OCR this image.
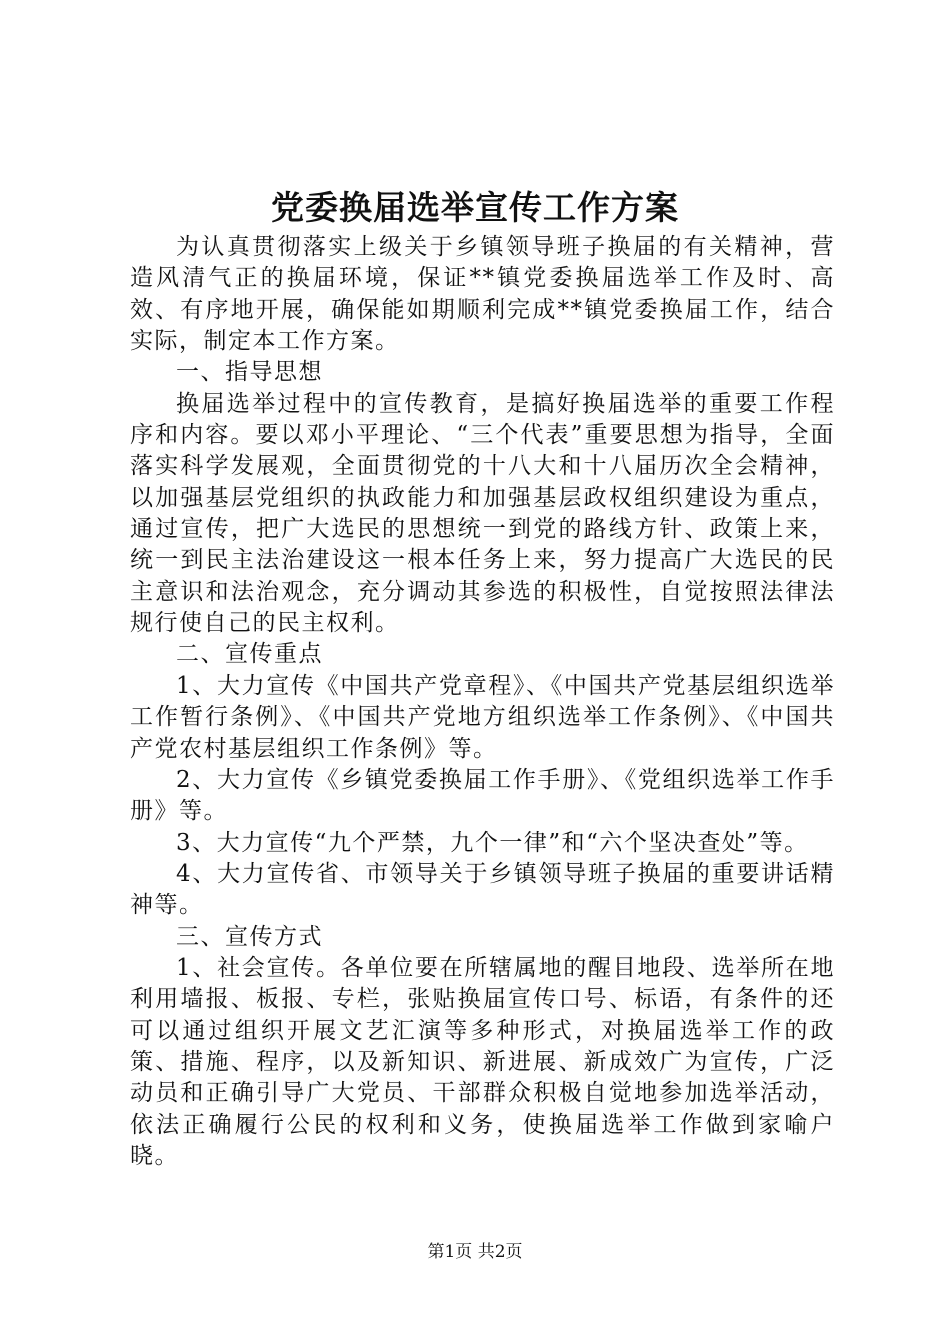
党委换届选举宣传工作方案

为认真贯彻落实上级关于乡镇领导班子换届的有关精神，营造风清气正的换届环境，保证**镇党委换届选举工作及时、高效、有序地开展，确保能如期顺利完成**镇党委换届工作，结合实际，制定本工作方案。

一、指导思想

换届选举过程中的宣传教育，是搞好换届选举的重要工作程序和内容。要以邓小平理论、“三个代表”重要思想为指导，全面落实科学发展观，全面贯彻党的十八大和十八届历次全会精神，以加强基层党组织的执政能力和加强基层政权组织建设为重点，通过宣传，把广大选民的思想统一到党的路线方针、政策上来，统一到民主法治建设这一根本任务上来，努力提高广大选民的民主意识和法治观念，充分调动其参选的积极性，自觉按照法律法规行使自己的民主权利。

二、宣传重点

1、大力宣传《中国共产党章程》、《中国共产党基层组织选举工作暂行条例》、《中国共产党地方组织选举工作条例》、《中国共产党农村基层组织工作条例》等。

2、大力宣传《乡镇党委换届工作手册》、《党组织选举工作手册》等。

3、大力宣传“九个严禁，九个一律”和“六个坚决查处”等。

4、大力宣传省、市领导关于乡镇领导班子换届的重要讲话精神等。

三、宣传方式

1、社会宣传。各单位要在所辖属地的醒目地段、选举所在地利用墙报、板报、专栏，张贴换届宣传口号、标语，有条件的还可以通过组织开展文艺汇演等多种形式，对换届选举工作的政策、措施、程序，以及新知识、新进展、新成效广为宣传，广泛动员和正确引导广大党员、干部群众积极自觉地参加选举活动，依法正确履行公民的权利和义务，使换届选举工作做到家喻户晓。

第1页 共2页
